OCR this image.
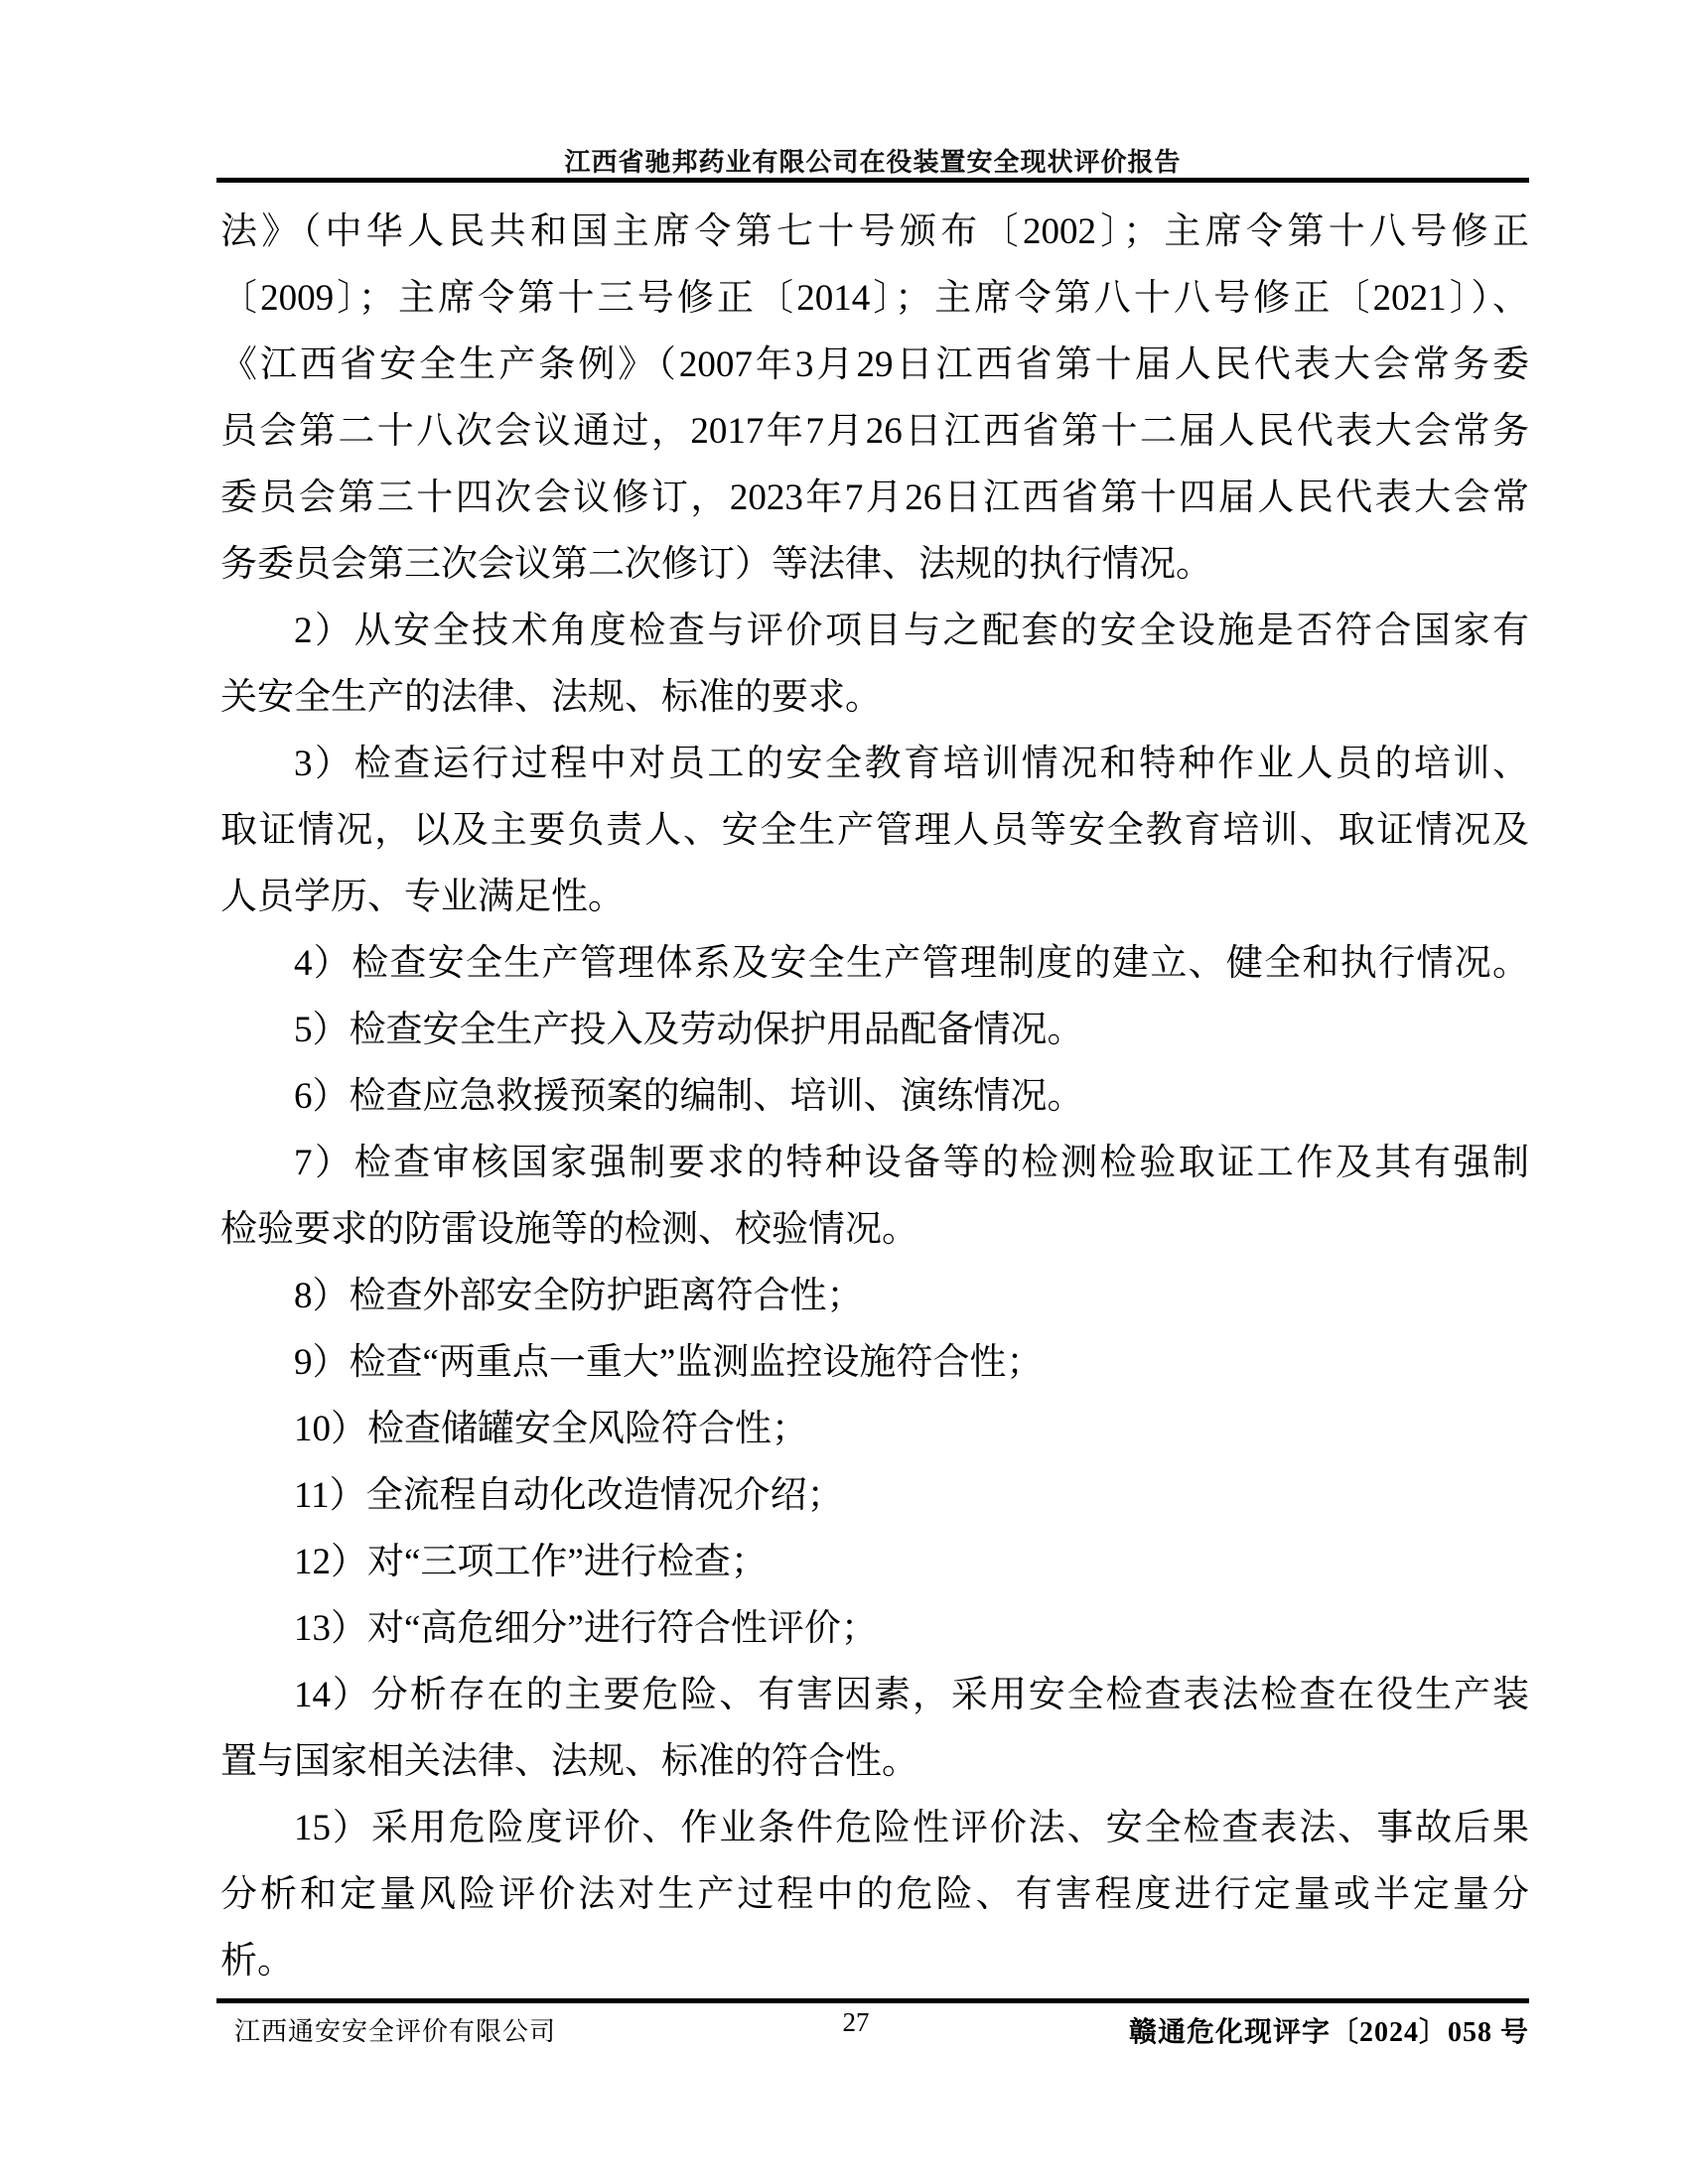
江西省驰邦药业有限公司在役装置安全现状评价报告
法》（中华人民共和国主席令第七十号颁布〔2002〕；主席令第十八号修正
〔2009〕；主席令第十三号修正〔2014〕；主席令第八十八号修正〔2021〕）、
《江西省安全生产条例》（2007年3月29日江西省第十届人民代表大会常务委
员会第二十八次会议通过，2017年7月26日江西省第十二届人民代表大会常务
委员会第三十四次会议修订，2023年7月26日江西省第十四届人民代表大会常
务委员会第三次会议第二次修订）等法律、法规的执行情况。
2）从安全技术角度检查与评价项目与之配套的安全设施是否符合国家有
关安全生产的法律、法规、标准的要求。
3）检查运行过程中对员工的安全教育培训情况和特种作业人员的培训、
取证情况，以及主要负责人、安全生产管理人员等安全教育培训、取证情况及
人员学历、专业满足性。
4）检查安全生产管理体系及安全生产管理制度的建立、健全和执行情况。
5）检查安全生产投入及劳动保护用品配备情况。
6）检查应急救援预案的编制、培训、演练情况。
7）检查审核国家强制要求的特种设备等的检测检验取证工作及其有强制
检验要求的防雷设施等的检测、校验情况。
8）检查外部安全防护距离符合性；
9）检查“两重点一重大”监测监控设施符合性；
10）检查储罐安全风险符合性；
11）全流程自动化改造情况介绍；
12）对“三项工作”进行检查；
13）对“高危细分”进行符合性评价；
14）分析存在的主要危险、有害因素，采用安全检查表法检查在役生产装
置与国家相关法律、法规、标准的符合性。
15）采用危险度评价、作业条件危险性评价法、安全检查表法、事故后果
分析和定量风险评价法对生产过程中的危险、有害程度进行定量或半定量分
析。
江西通安安全评价有限公司	27	赣通危化现评字〔2024〕058 号
